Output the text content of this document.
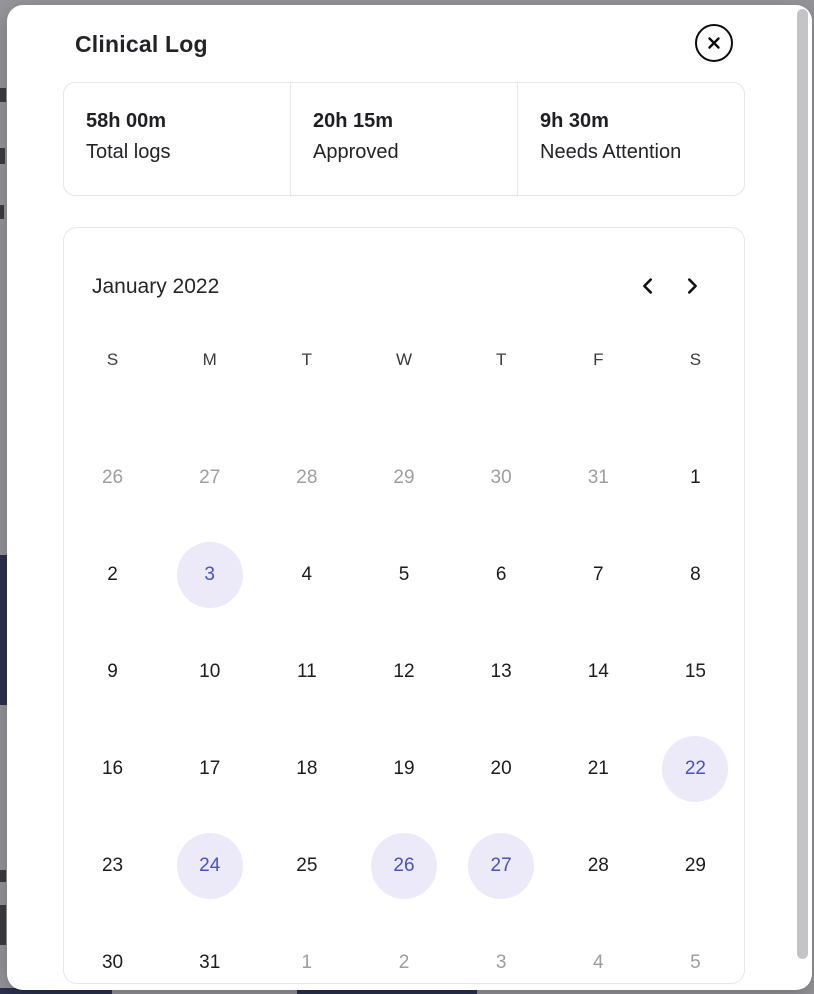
Clinical Log
58h 00m
Total logs
20h 15m
Approved
9h 30m
Needs Attention
January 2022
S	M	T	W	T	F	S
26	27	28	29	30	31	1
2	3	4	5	6	7	8
9	10	11	12	13	14	15
16	17	18	19	20	21	22
23	24	25	26	27	28	29
30	31	1	2	3	4	5
